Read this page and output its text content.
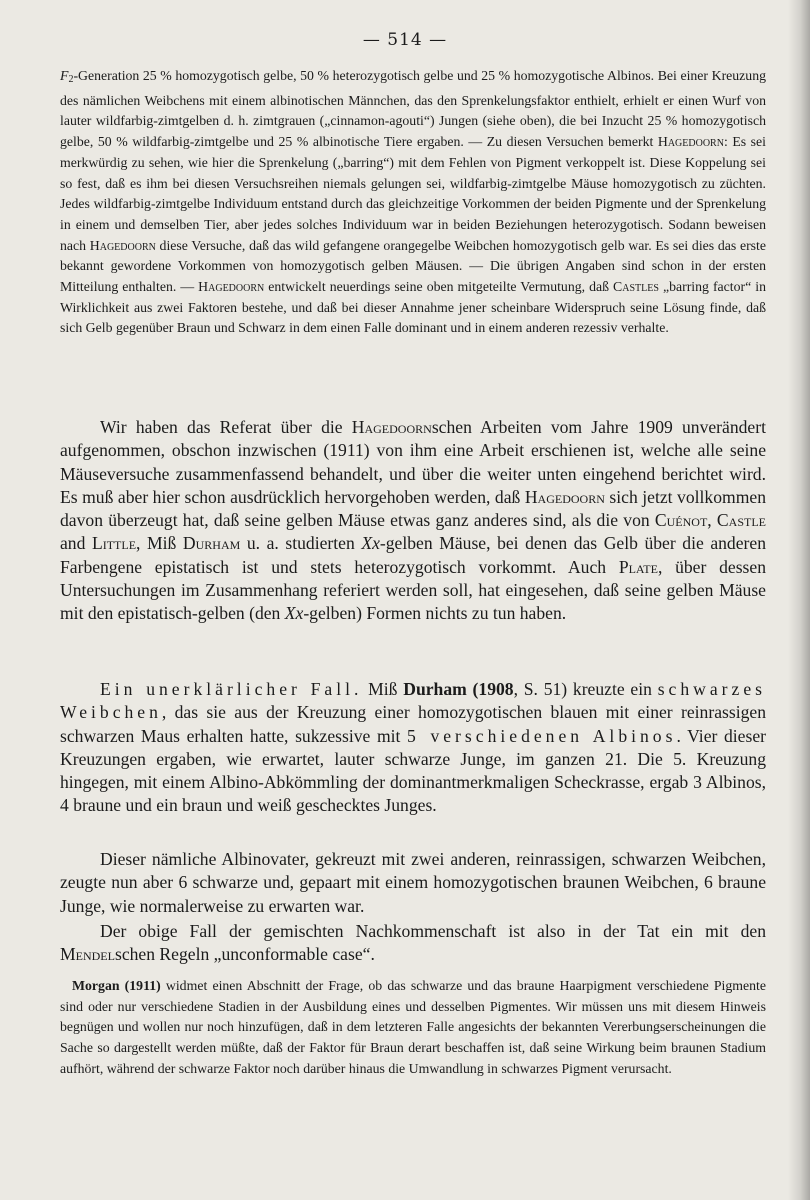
— 514 —

$F_2$-Generation 25 % homozygotisch gelbe, 50 % heterozygotisch gelbe und 25 % homozygotische Albinos. Bei einer Kreuzung des nämlichen Weibchens mit einem albinotischen Männchen, das den Sprenkelungsfaktor enthielt, erhielt er einen Wurf von lauter wildfarbig-zimtgelben d. h. zimtgrauen („cinnamon-agouti“) Jungen (siehe oben), die bei Inzucht 25 % homozygotisch gelbe, 50 % wildfarbig-zimtgelbe und 25 % albinotische Tiere ergaben. — Zu diesen Versuchen bemerkt Hagedoorn: Es sei merkwürdig zu sehen, wie hier die Sprenkelung („barring“) mit dem Fehlen von Pigment verkoppelt ist. Diese Koppelung sei so fest, daß es ihm bei diesen Versuchsreihen niemals gelungen sei, wildfarbig-zimtgelbe Mäuse homozygotisch zu züchten. Jedes wildfarbig-zimtgelbe Individuum entstand durch das gleichzeitige Vorkommen der beiden Pigmente und der Sprenkelung in einem und demselben Tier, aber jedes solches Individuum war in beiden Beziehungen heterozygotisch. Sodann beweisen nach Hagedoorn diese Versuche, daß das wild gefangene orangegelbe Weibchen homozygotisch gelb war. Es sei dies das erste bekannt gewordene Vorkommen von homozygotisch gelben Mäusen. — Die übrigen Angaben sind schon in der ersten Mitteilung enthalten. — Hagedoorn entwickelt neuerdings seine oben mitgeteilte Vermutung, daß Castles „barring factor“ in Wirklichkeit aus zwei Faktoren bestehe, und daß bei dieser Annahme jener scheinbare Widerspruch seine Lösung finde, daß sich Gelb gegenüber Braun und Schwarz in dem einen Falle dominant und in einem anderen rezessiv verhalte.

Wir haben das Referat über die Hagedoornschen Arbeiten vom Jahre 1909 unverändert aufgenommen, obschon inzwischen (1911) von ihm eine Arbeit erschienen ist, welche alle seine Mäuseversuche zusammenfassend behandelt, und über die weiter unten eingehend berichtet wird. Es muß aber hier schon ausdrücklich hervorgehoben werden, daß Hagedoorn sich jetzt vollkommen davon überzeugt hat, daß seine gelben Mäuse etwas ganz anderes sind, als die von Cuénot, Castle and Little, Miß Durham u. a. studierten Xx-gelben Mäuse, bei denen das Gelb über die anderen Farbengene epistatisch ist und stets heterozygotisch vorkommt. Auch Plate, über dessen Untersuchungen im Zusammenhang referiert werden soll, hat eingesehen, daß seine gelben Mäuse mit den epistatisch-gelben (den Xx-gelben) Formen nichts zu tun haben.

Ein unerklärlicher Fall. Miß Durham (1908, S. 51) kreuzte ein schwarzes Weibchen, das sie aus der Kreuzung einer homozygotischen blauen mit einer reinrassigen schwarzen Maus erhalten hatte, sukzessive mit 5 verschiedenen Albinos. Vier dieser Kreuzungen ergaben, wie erwartet, lauter schwarze Junge, im ganzen 21. Die 5. Kreuzung hingegen, mit einem Albino-Abkömmling der dominantmerkmaligen Scheckrasse, ergab 3 Albinos, 4 braune und ein braun und weiß geschecktes Junges.

Dieser nämliche Albinovater, gekreuzt mit zwei anderen, reinrassigen, schwarzen Weibchen, zeugte nun aber 6 schwarze und, gepaart mit einem homozygotischen braunen Weibchen, 6 braune Junge, wie normalerweise zu erwarten war.

Der obige Fall der gemischten Nachkommenschaft ist also in der Tat ein mit den Mendelschen Regeln „unconformable case“.

Morgan (1911) widmet einen Abschnitt der Frage, ob das schwarze und das braune Haarpigment verschiedene Pigmente sind oder nur verschiedene Stadien in der Ausbildung eines und desselben Pigmentes. Wir müssen uns mit diesem Hinweis begnügen und wollen nur noch hinzufügen, daß in dem letzteren Falle angesichts der bekannten Vererbungserscheinungen die Sache so dargestellt werden müßte, daß der Faktor für Braun derart beschaffen ist, daß seine Wirkung beim braunen Stadium aufhört, während der schwarze Faktor noch darüber hinaus die Umwandlung in schwarzes Pigment verursacht.
